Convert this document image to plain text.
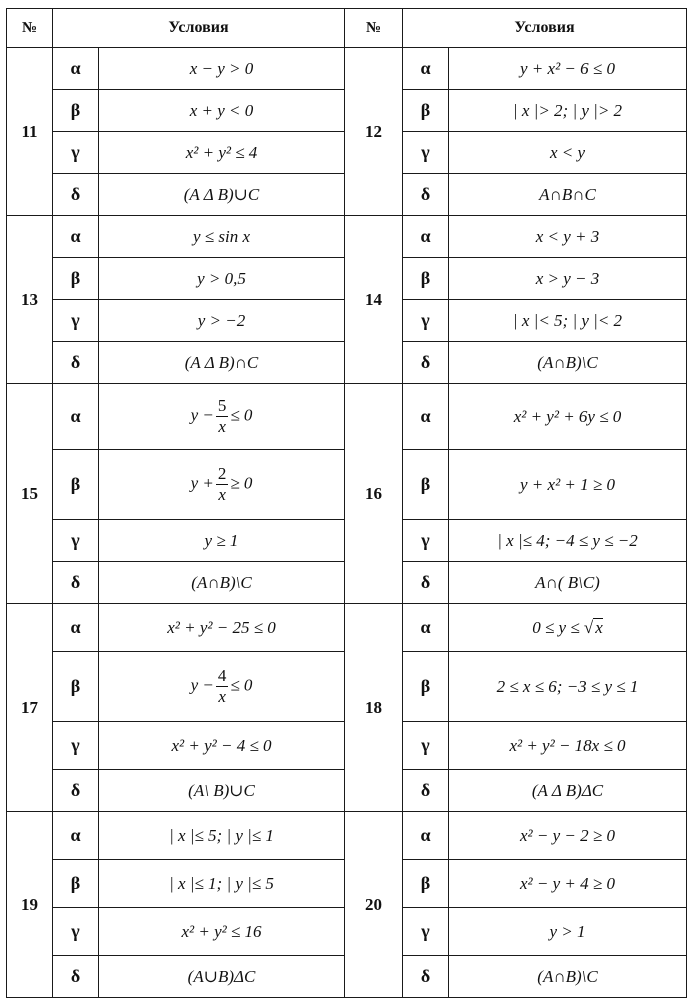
№	Условия		№	Условия	
11	α	x − y > 0	12	α	y + x² − 6 ≤ 0
	β	x + y < 0		β	| x |> 2; | y |> 2
	γ	x² + y² ≤ 4		γ	x < y
	δ	(A Δ B)∪C		δ	A∩B∩C
13	α	y ≤ sin x	14	α	x < y + 3
	β	y > 0,5		β	x > y − 3
	γ	y > −2		γ	| x |< 5; | y |< 2
	δ	(A Δ B)∩C		δ	(A∩B)\C
15	α	$y - \frac{5}{x} \le 0$	16	α	x² + y² + 6y ≤ 0
	β	$y + \frac{2}{x} \ge 0$		β	y + x² + 1 ≥ 0
	γ	y ≥ 1		γ	| x |≤ 4; −4 ≤ y ≤ −2
	δ	(A∩B)\C		δ	A∩( B\C)
17	α	x² + y² − 25 ≤ 0	18	α	0 ≤ y ≤ √ x
	β	$y - \frac{4}{x} \le 0$		β	2 ≤ x ≤ 6; −3 ≤ y ≤ 1
	γ	x² + y² − 4 ≤ 0		γ	x² + y² − 18x ≤ 0
	δ	(A\ B)∪C		δ	(A Δ B)ΔC
19	α	| x |≤ 5; | y |≤ 1	20	α	x² − y − 2 ≥ 0
	β	| x |≤ 1; | y |≤ 5		β	x² − y + 4 ≥ 0
	γ	x² + y² ≤ 16		γ	y > 1
	δ	(A∪B)ΔC		δ	(A∩B)\C
